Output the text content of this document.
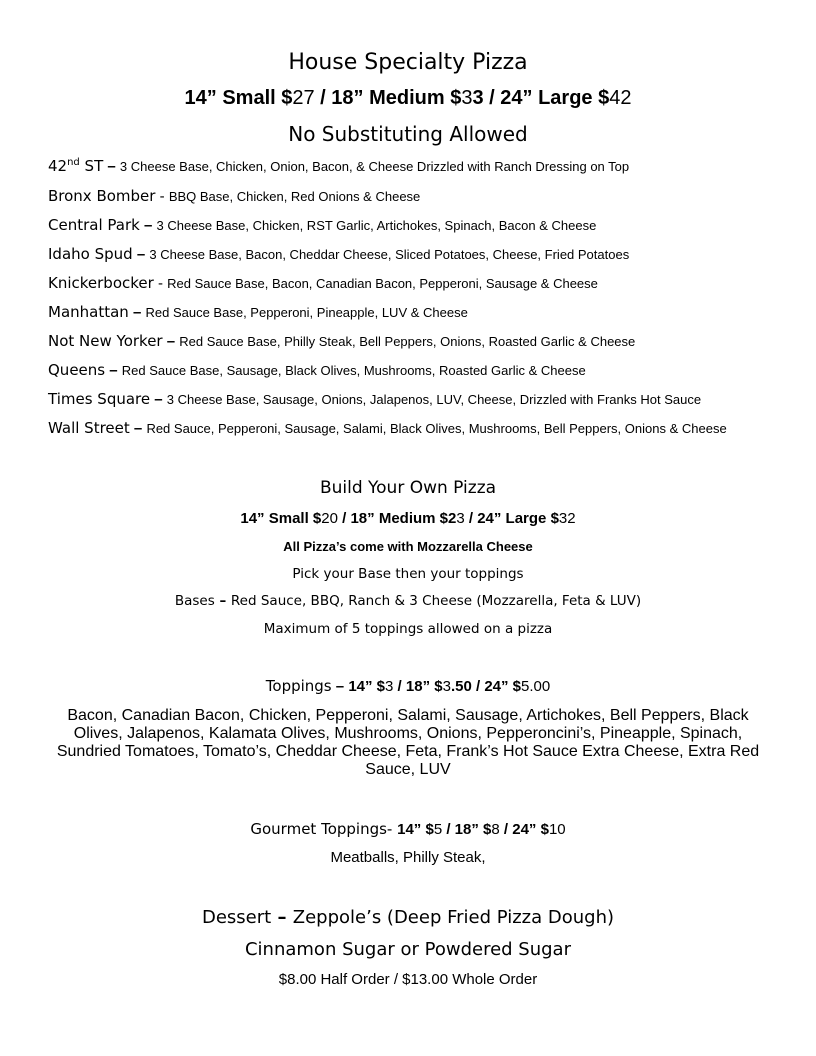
House Specialty Pizza
14” Small $27 / 18” Medium $33 / 24” Large $42
No Substituting Allowed
42nd ST – 3 Cheese Base, Chicken, Onion, Bacon, & Cheese Drizzled with Ranch Dressing on Top
Bronx Bomber - BBQ Base, Chicken, Red Onions & Cheese
Central Park – 3 Cheese Base, Chicken, RST Garlic, Artichokes, Spinach, Bacon & Cheese
Idaho Spud – 3 Cheese Base, Bacon, Cheddar Cheese, Sliced Potatoes, Cheese, Fried Potatoes
Knickerbocker - Red Sauce Base, Bacon, Canadian Bacon, Pepperoni, Sausage & Cheese
Manhattan – Red Sauce Base, Pepperoni, Pineapple, LUV & Cheese
Not New Yorker – Red Sauce Base, Philly Steak, Bell Peppers, Onions, Roasted Garlic & Cheese
Queens – Red Sauce Base, Sausage, Black Olives, Mushrooms, Roasted Garlic & Cheese
Times Square – 3 Cheese Base, Sausage, Onions, Jalapenos, LUV, Cheese, Drizzled with Franks Hot Sauce
Wall Street – Red Sauce, Pepperoni, Sausage, Salami, Black Olives, Mushrooms, Bell Peppers, Onions & Cheese
Build Your Own Pizza
14” Small $20 / 18” Medium $23 / 24” Large $32
All Pizza’s come with Mozzarella Cheese
Pick your Base then your toppings
Bases – Red Sauce, BBQ, Ranch & 3 Cheese (Mozzarella, Feta & LUV)
Maximum of 5 toppings allowed on a pizza
Toppings – 14” $3 / 18” $3.50 / 24” $5.00
Bacon, Canadian Bacon, Chicken, Pepperoni, Salami, Sausage, Artichokes, Bell Peppers, Black Olives, Jalapenos, Kalamata Olives, Mushrooms, Onions, Pepperoncini’s, Pineapple, Spinach, Sundried Tomatoes, Tomato’s, Cheddar Cheese, Feta, Frank’s Hot Sauce Extra Cheese, Extra Red Sauce, LUV
Gourmet Toppings- 14” $5 / 18” $8 / 24” $10
Meatballs, Philly Steak,
Dessert – Zeppole’s (Deep Fried Pizza Dough)
Cinnamon Sugar or Powdered Sugar
$8.00 Half Order / $13.00 Whole Order
